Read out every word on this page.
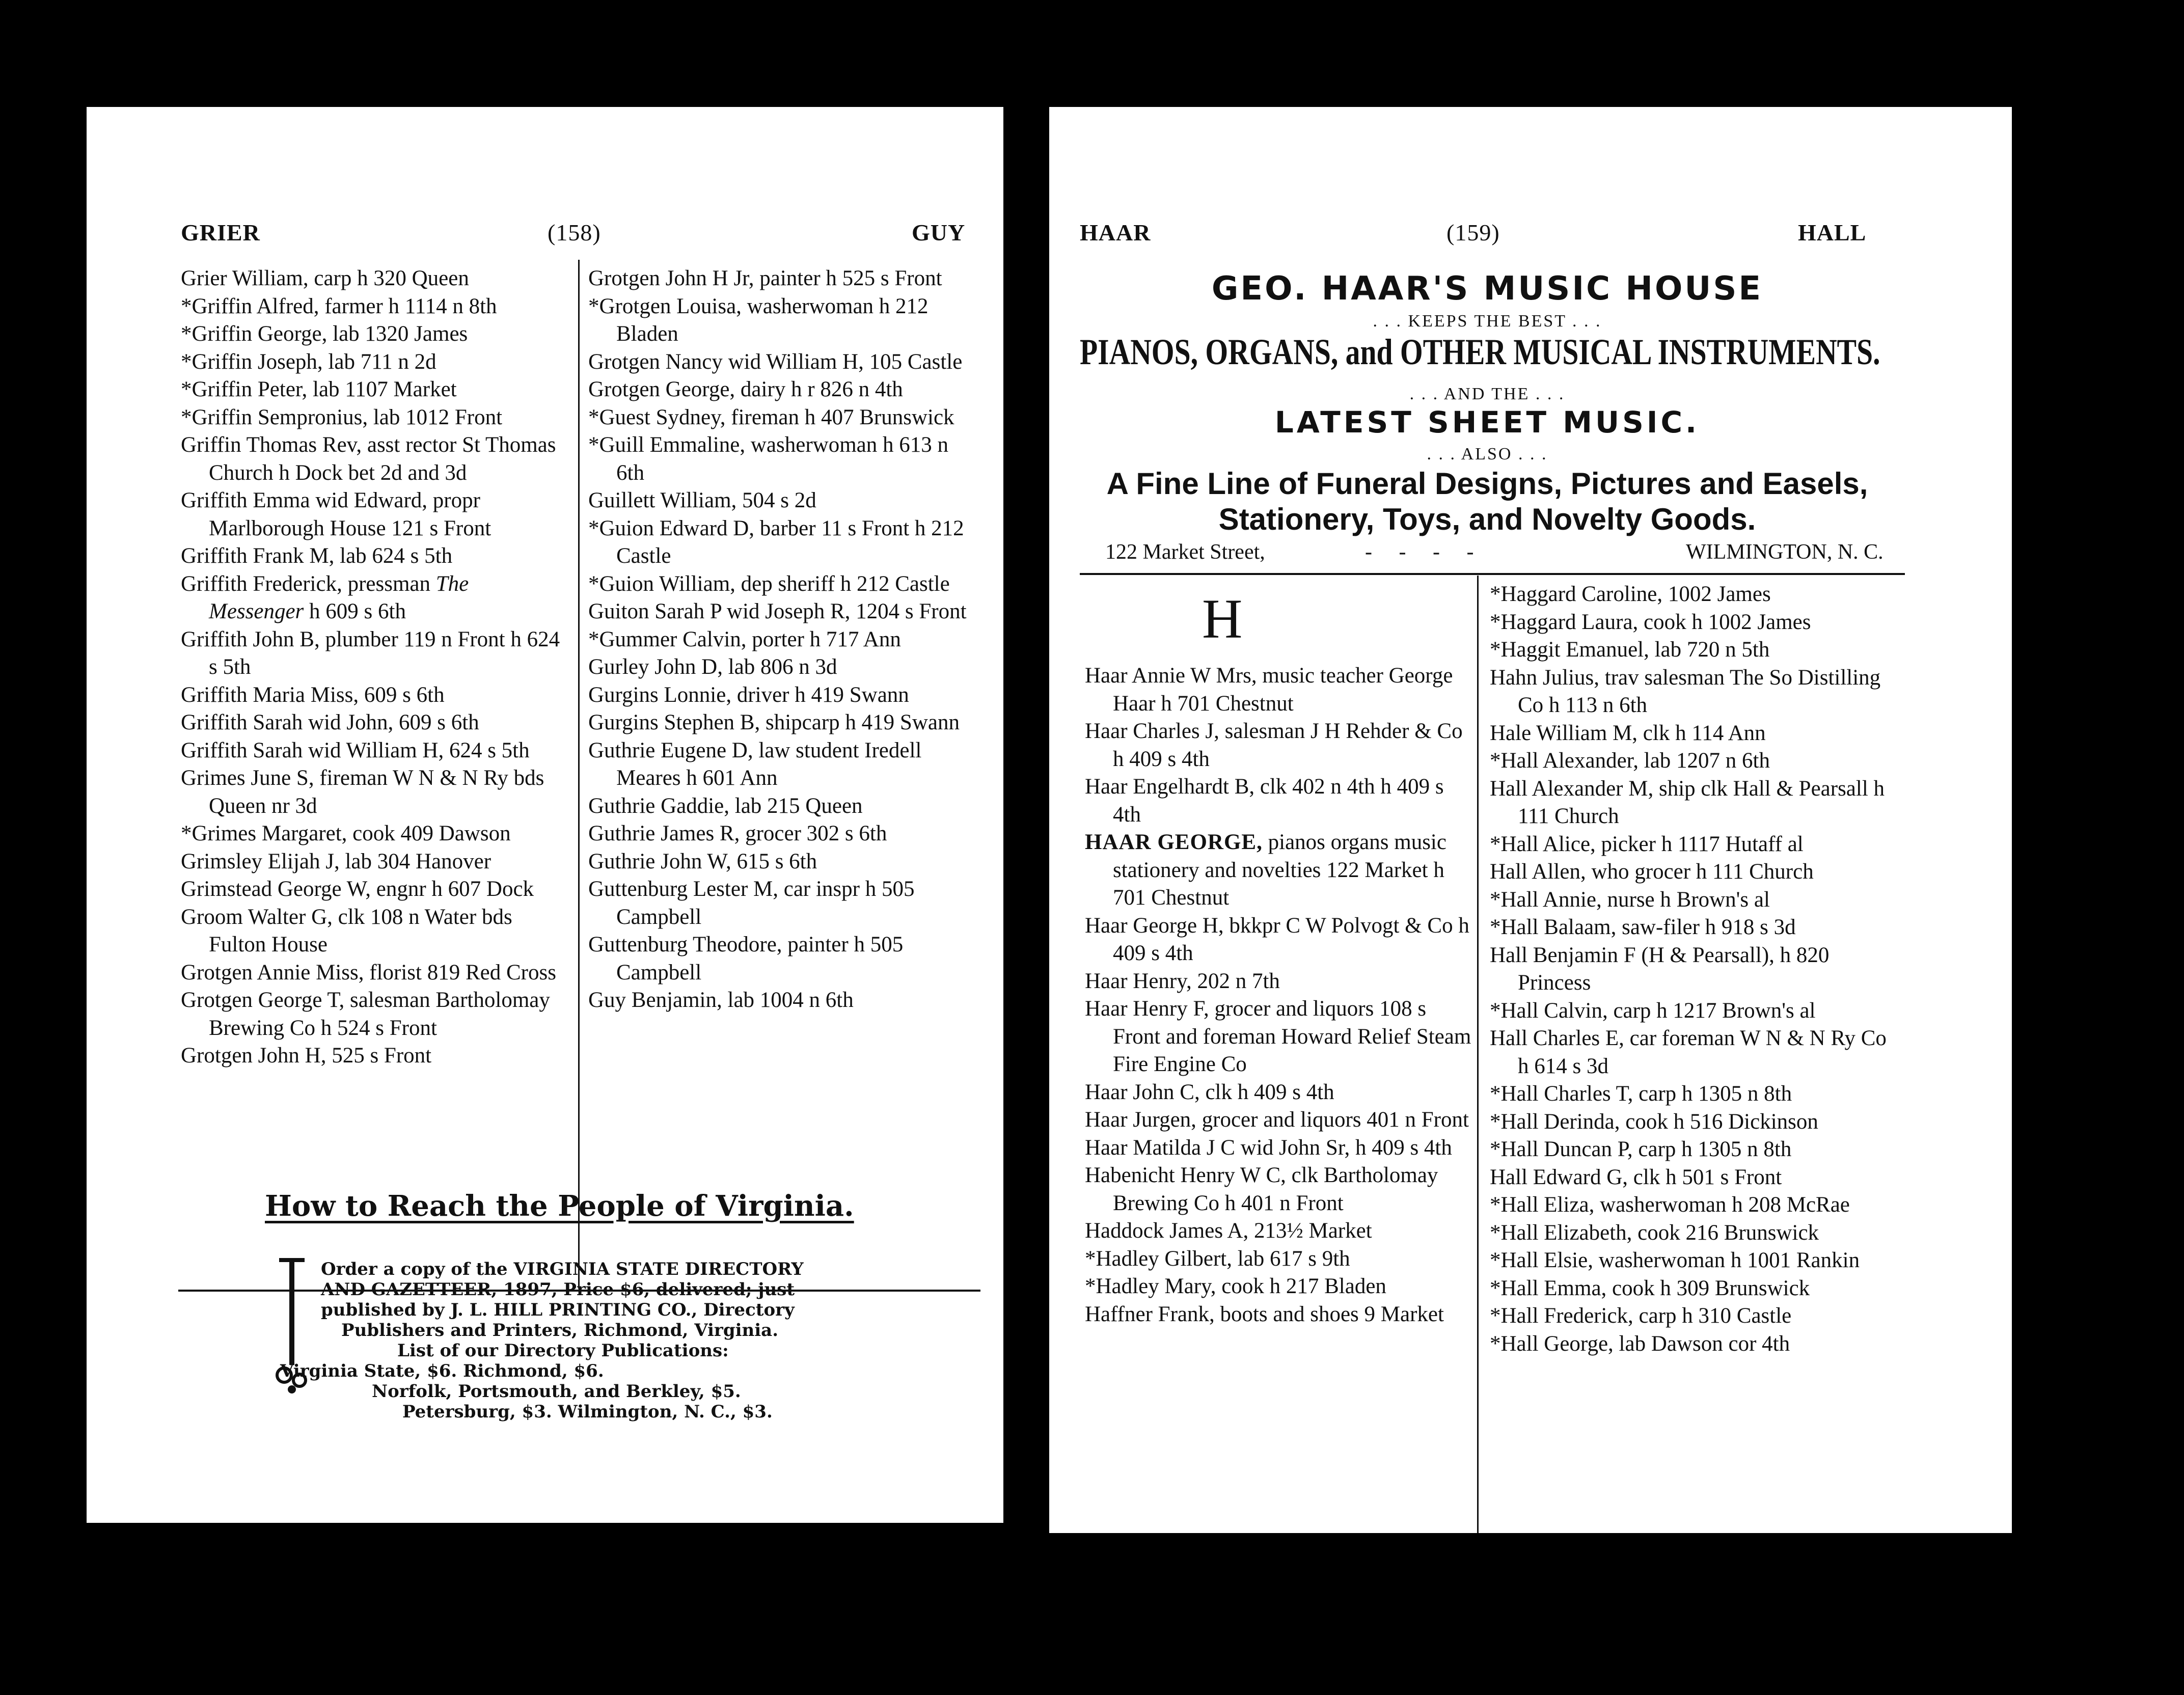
GRIER	(158)	GUY

Grier William, carp h 320 Queen

*Griffin Alfred, farmer h 1114 n 8th

*Griffin George, lab 1320 James

*Griffin Joseph, lab 711 n 2d

*Griffin Peter, lab 1107 Market

*Griffin Sempronius, lab 1012 Front

Griffin Thomas Rev, asst rector St Thomas Church h Dock bet 2d and 3d

Griffith Emma wid Edward, propr Marlborough House 121 s Front

Griffith Frank M, lab 624 s 5th

Griffith Frederick, pressman The Messenger h 609 s 6th

Griffith John B, plumber 119 n Front h 624 s 5th

Griffith Maria Miss, 609 s 6th

Griffith Sarah wid John, 609 s 6th

Griffith Sarah wid William H, 624 s 5th

Grimes June S, fireman W N & N Ry bds Queen nr 3d

*Grimes Margaret, cook 409 Dawson

Grimsley Elijah J, lab 304 Hanover

Grimstead George W, engnr h 607 Dock

Groom Walter G, clk 108 n Water bds Fulton House

Grotgen Annie Miss, florist 819 Red Cross

Grotgen George T, salesman Bartholomay Brewing Co h 524 s Front

Grotgen John H, 525 s Front

Grotgen John H Jr, painter h 525 s Front

*Grotgen Louisa, washerwoman h 212 Bladen

Grotgen Nancy wid William H, 105 Castle

Grotgen George, dairy h r 826 n 4th

*Guest Sydney, fireman h 407 Brunswick

*Guill Emmaline, washerwoman h 613 n 6th

Guillett William, 504 s 2d

*Guion Edward D, barber 11 s Front h 212 Castle

*Guion William, dep sheriff h 212 Castle

Guiton Sarah P wid Joseph R, 1204 s Front

*Gummer Calvin, porter h 717 Ann

Gurley John D, lab 806 n 3d

Gurgins Lonnie, driver h 419 Swann

Gurgins Stephen B, shipcarp h 419 Swann

Guthrie Eugene D, law student Iredell Meares h 601 Ann

Guthrie Gaddie, lab 215 Queen

Guthrie James R, grocer 302 s 6th

Guthrie John W, 615 s 6th

Guttenburg Lester M, car inspr h 505 Campbell

Guttenburg Theodore, painter h 505 Campbell

Guy Benjamin, lab 1004 n 6th

How to Reach the People of Virginia.
Order a copy of the VIRGINIA STATE DIRECTORY
AND GAZETTEER, 1897, Price $6, delivered; just
published by J. L. HILL PRINTING CO., Directory
Publishers and Printers, Richmond, Virginia.
List of our Directory Publications:
Virginia State, $6. Richmond, $6.
Norfolk, Portsmouth, and Berkley, $5.
Petersburg, $3. Wilmington, N. C., $3.
HAAR	(159)	HALL
GEO. HAAR'S MUSIC HOUSE
. . . KEEPS THE BEST . . .
PIANOS, ORGANS, and OTHER MUSICAL INSTRUMENTS.
. . . AND THE . . .
LATEST SHEET MUSIC.
. . . ALSO . . .
A Fine Line of Funeral Designs, Pictures and Easels,
Stationery, Toys, and Novelty Goods.
122 Market Street,	-     -     -     -	WILMINGTON, N. C.
H

Haar Annie W Mrs, music teacher George Haar h 701 Chestnut

Haar Charles J, salesman J H Rehder & Co h 409 s 4th

Haar Engelhardt B, clk 402 n 4th h 409 s 4th

HAAR GEORGE, pianos organs music stationery and novelties 122 Market h 701 Chestnut

Haar George H, bkkpr C W Polvogt & Co h 409 s 4th

Haar Henry, 202 n 7th

Haar Henry F, grocer and liquors 108 s Front and foreman Howard Relief Steam Fire Engine Co

Haar John C, clk h 409 s 4th

Haar Jurgen, grocer and liquors 401 n Front

Haar Matilda J C wid John Sr, h 409 s 4th

Habenicht Henry W C, clk Bartholomay Brewing Co h 401 n Front

Haddock James A, 213½ Market

*Hadley Gilbert, lab 617 s 9th

*Hadley Mary, cook h 217 Bladen

Haffner Frank, boots and shoes 9 Market

*Haggard Caroline, 1002 James

*Haggard Laura, cook h 1002 James

*Haggit Emanuel, lab 720 n 5th

Hahn Julius, trav salesman The So Distilling Co h 113 n 6th

Hale William M, clk h 114 Ann

*Hall Alexander, lab 1207 n 6th

Hall Alexander M, ship clk Hall & Pearsall h 111 Church

*Hall Alice, picker h 1117 Hutaff al

Hall Allen, who grocer h 111 Church

*Hall Annie, nurse h Brown's al

*Hall Balaam, saw-filer h 918 s 3d

Hall Benjamin F (H & Pearsall), h 820 Princess

*Hall Calvin, carp h 1217 Brown's al

Hall Charles E, car foreman W N & N Ry Co h 614 s 3d

*Hall Charles T, carp h 1305 n 8th

*Hall Derinda, cook h 516 Dickinson

*Hall Duncan P, carp h 1305 n 8th

Hall Edward G, clk h 501 s Front

*Hall Eliza, washerwoman h 208 McRae

*Hall Elizabeth, cook 216 Brunswick

*Hall Elsie, washerwoman h 1001 Rankin

*Hall Emma, cook h 309 Brunswick

*Hall Frederick, carp h 310 Castle

*Hall George, lab Dawson cor 4th
